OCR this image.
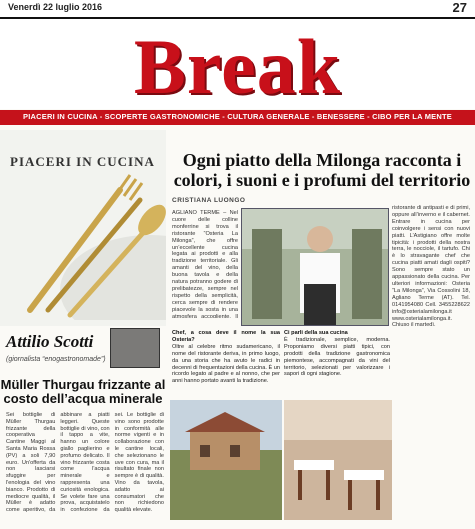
Venerdì 22 luglio 2016	27
Break
PIACERI IN CUCINA - SCOPERTE GASTRONOMICHE - CULTURA GENERALE - BENESSERE - CIBO PER LA MENTE
PIACERI IN CUCINA
Attilio Scotti
(giornalista “enogastronomade”)
Müller Thurgau frizzante al costo dell’acqua minerale
Sei bottiglie di Müller Thurgau frizzante della cooperativa Cantine Maggi al Santa Maria Rossa (PV) a soli 7,90 euro. Un'offerta da non lasciarsi sfuggire per l'enologia del vino bianco. Prodotto di mediocre qualità, il Müller è adatto come aperitivo, da abbinare a piatti leggeri. Queste bottiglie di vino, con il tappo a vite, hanno un colore giallo paglierino e profumo delicato. Il vino frizzante costa come l'acqua minerale e rappresenta una curiosità enologica. Se volete fare una prova, acquistatelo in confezione da sei. Le bottiglie di vino sono prodotte in conformità alle norme vigenti e in collaborazione con le cantine locali, che selezionano le uve con cura, ma il risultato finale non sempre è di qualità. Vino da tavola, adatto ai consumatori che non richiedono qualità elevate.
Ogni piatto della Milonga racconta i colori, i suoni e i profumi del territorio
CRISTIANA LUONGO
AGLIANO TERME – Nel cuore delle colline monferrine si trova il ristorante “Osteria La Milonga”, che offre un’eccellente cucina legata ai prodotti e alla tradizione territoriale. Gli amanti del vino, della buona tavola e della natura potranno godere di prelibatezze, sempre nel rispetto della semplicità, cerca sempre di rendere piacevole la sosta in una atmosfera accogliente. Il
Chef, a cosa deve il nome la sua Osteria?
Oltre al celebre ritmo sudamericano, il nome del ristorante deriva, in primo luogo, da una storia che ha avuto le radici in decenni di frequentazioni della cucina. È un ricordo legato al padre e al nonno, che per anni hanno portato avanti la tradizione.
Ci parli della sua cucina
È tradizionale, semplice, moderna. Proponiamo diversi piatti tipici, con prodotti della tradizione gastronomica piemontese, accompagnati da vini del territorio, selezionati per valorizzare i sapori di ogni stagione.
ristorante di antipasti e di primi, oppure all’inverno e il cabernet. Entrare in cucina per coinvolgere i sensi con nuovi piatti. L’Astigiano offre molte tipicità: i prodotti della nostra terra, le nocciole, il tartufo. Chi è lo stravagante chef che cucina piatti amati dagli ospiti? Sono sempre stato un appassionato della cucina. Per ulteriori informazioni: Osteria “La Milonga”, Via Cossolini 18, Agliano Terme (AT). Tel. 0141954080 Cell. 3455228622 info@osterialamilonga.it www.osterialamilonga.it. Chiuso il martedì.
